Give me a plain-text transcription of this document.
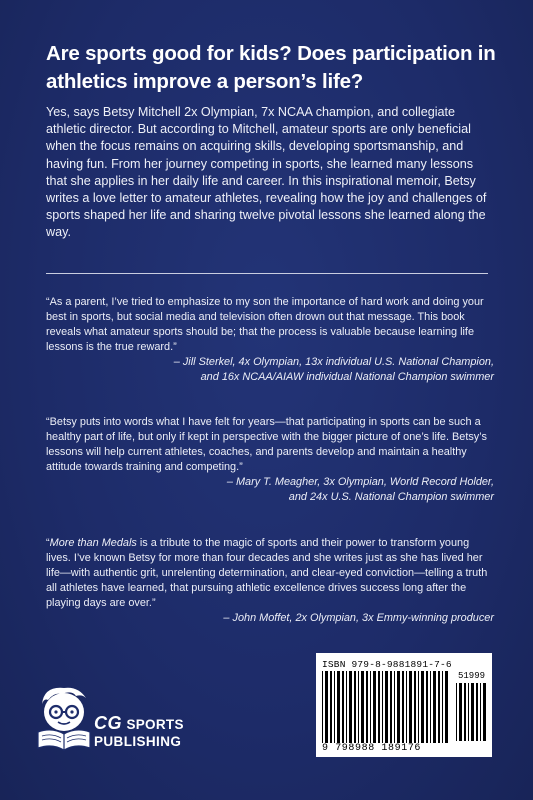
Are sports good for kids? Does participation in athletics improve a person’s life?

Yes, says Betsy Mitchell 2x Olympian, 7x NCAA champion, and collegiate athletic director. But according to Mitchell, amateur sports are only beneficial when the focus remains on acquiring skills, developing sportsmanship, and having fun. From her journey competing in sports, she learned many lessons that she applies in her daily life and career. In this inspirational memoir, Betsy writes a love letter to amateur athletes, revealing how the joy and challenges of sports shaped her life and sharing twelve pivotal lessons she learned along the way.

“As a parent, I’ve tried to emphasize to my son the importance of hard work and doing your best in sports, but social media and television often drown out that message. This book reveals what amateur sports should be; that the process is valuable because learning life lessons is the true reward.”

– Jill Sterkel, 4x Olympian, 13x individual U.S. National Champion,

and 16x NCAA/AIAW individual National Champion swimmer

“Betsy puts into words what I have felt for years—that participating in sports can be such a healthy part of life, but only if kept in perspective with the bigger picture of one’s life. Betsy’s lessons will help current athletes, coaches, and parents develop and maintain a healthy attitude towards training and competing.”

– Mary T. Meagher, 3x Olympian, World Record Holder,

and 24x U.S. National Champion swimmer

“More than Medals is a tribute to the magic of sports and their power to transform young lives. I’ve known Betsy for more than four decades and she writes just as she has lived her life—with authentic grit, unrelenting determination, and clear-eyed conviction—telling a truth all athletes have learned, that pursuing athletic excellence drives success long after the playing days are over.”

– John Moffet, 2x Olympian, 3x Emmy-winning producer

CG SPORTS
PUBLISHING
ISBN 979-8-9881891-7-6
51999
9 798988 189176
